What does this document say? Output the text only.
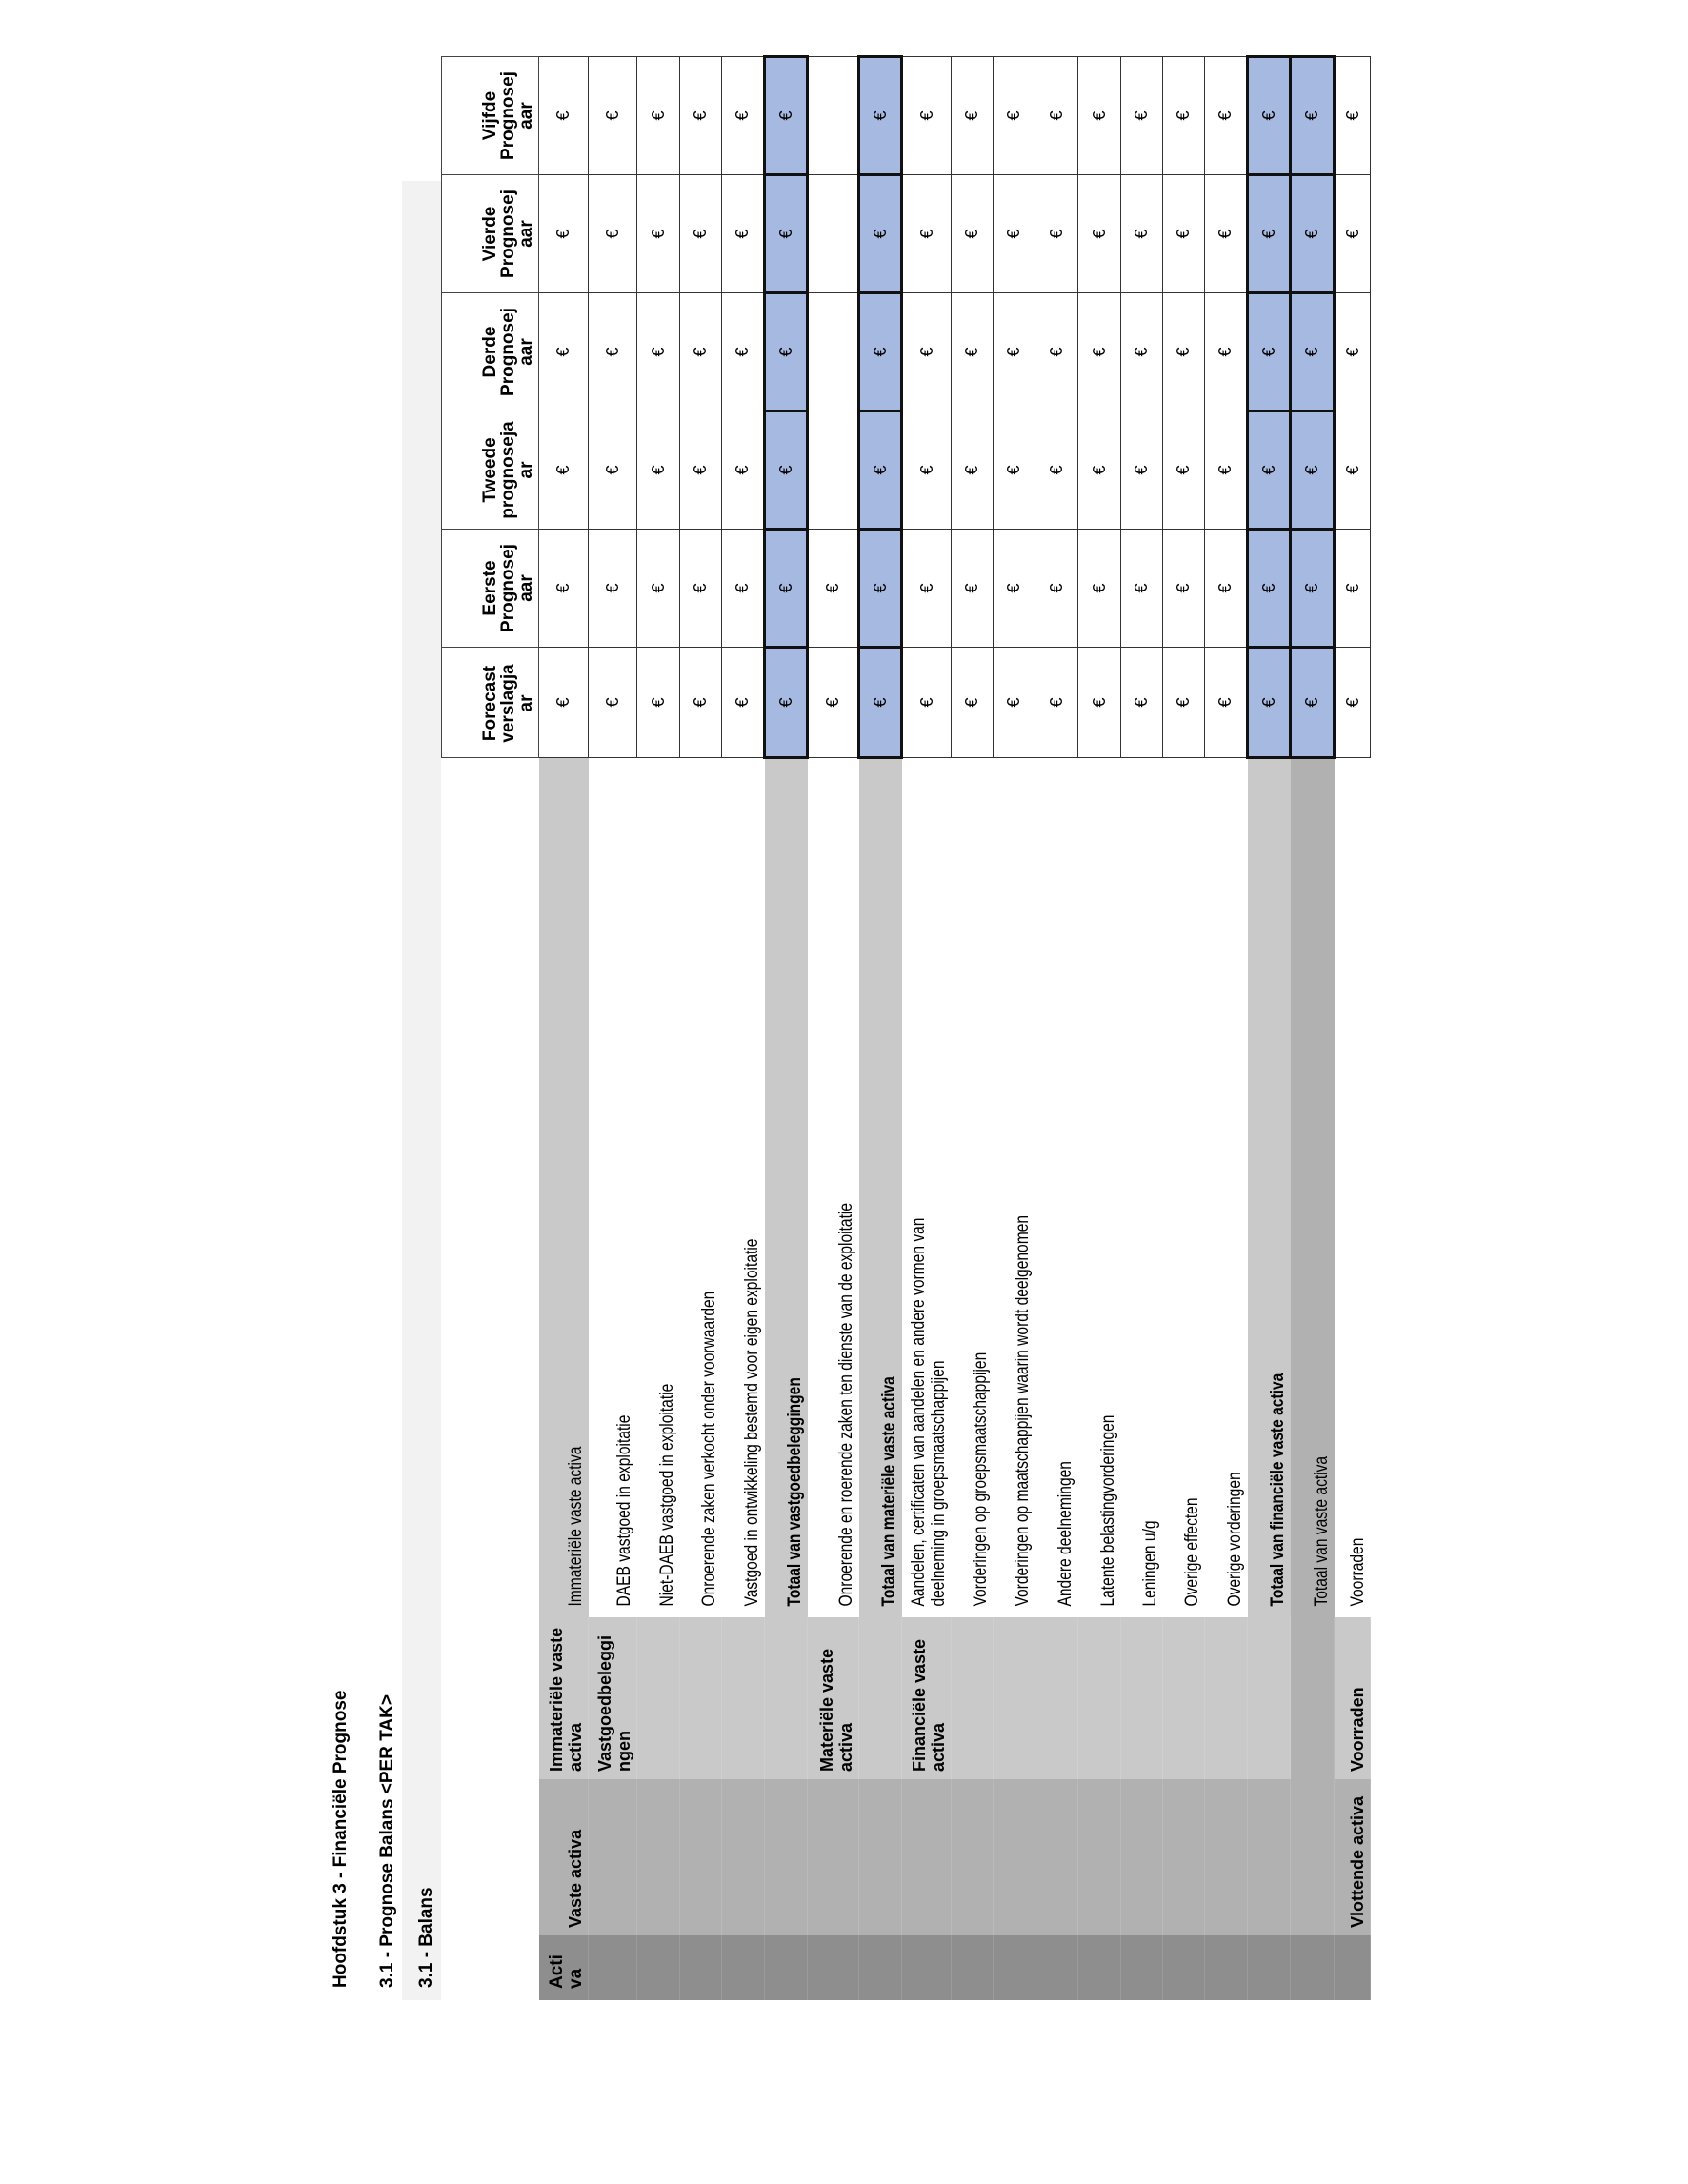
Hoofdstuk 3 - Financiële Prognose 3.1 - Prognose Balans <PER TAK> 3.1 - Balans
				Forecast verslagjaar	Eerste Prognosejaar	Tweede prognosejaar	Derde Prognosejaar	Vierde Prognosejaar	Vijfde Prognosejaar

Activa	Vaste activa	Immateriële vaste activa	Immateriële vaste activa	€	€	€	€	€	€

		Vastgoedbeleggingen	DAEB vastgoed in exploitatie	€	€	€	€	€	€
			Niet-DAEB vastgoed in exploitatie	€	€	€	€	€	€
			Onroerende zaken verkocht onder voorwaarden	€	€	€	€	€	€
			Vastgoed in ontwikkeling bestemd voor eigen exploitatie	€	€	€	€	€	€
			Totaal van vastgoedbeleggingen	€	€	€	€	€	€

		Materiële vaste activa	Onroerende en roerende zaken ten dienste van de exploitatie	€	€				
			Totaal van materiële vaste activa	€	€	€	€	€	€

		Financiële vaste activa	Aandelen, certificaten van aandelen en andere vormen van deelneming in groepsmaatschappijen	€	€	€	€	€	€
			Vorderingen op groepsmaatschappijen	€	€	€	€	€	€
			Vorderingen op maatschappijen waarin wordt deelgenomen	€	€	€	€	€	€
			Andere deelnemingen	€	€	€	€	€	€
			Latente belastingvorderingen	€	€	€	€	€	€
			Leningen u/g	€	€	€	€	€	€
			Overige effecten	€	€	€	€	€	€
			Overige vorderingen	€	€	€	€	€	€
			Totaal van financiële vaste activa	€	€	€	€	€	€
			Totaal van vaste activa	€	€	€	€	€	€

	Vlottende activa	Voorraden	Voorraden	€	€	€	€	€	€
